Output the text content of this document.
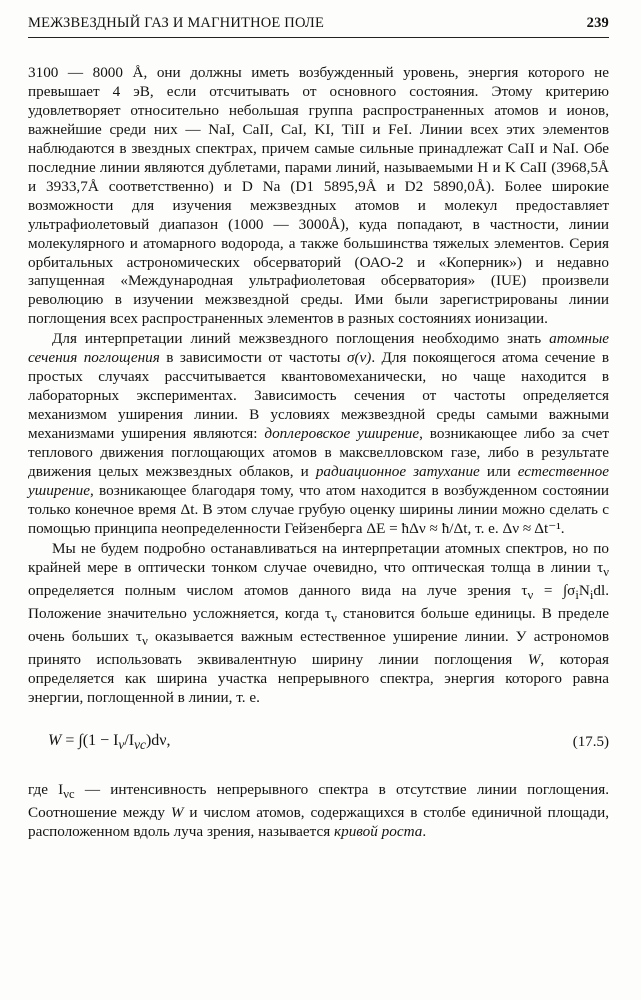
МЕЖЗВЕЗДНЫЙ ГАЗ И МАГНИТНОЕ ПОЛЕ	239

3100 — 8000 Å, они должны иметь возбужденный уровень, энергия которого не превышает 4 эВ, если отсчитывать от основного состояния. Этому критерию удовлетворяет относительно небольшая группа распространенных атомов и ионов, важнейшие среди них — NaI, CaII, CaI, KI, TiII и FeI. Линии всех этих элементов наблюдаются в звездных спектрах, причем самые сильные принадлежат CaII и NaI. Обе последние линии являются дублетами, парами линий, называемыми H и K CaII (3968,5Å и 3933,7Å соответственно) и D Na (D1 5895,9Å и D2 5890,0Å). Более широкие возможности для изучения межзвездных атомов и молекул предоставляет ультрафиолетовый диапазон (1000 — 3000Å), куда попадают, в частности, линии молекулярного и атомарного водорода, а также большинства тяжелых элементов. Серия орбитальных астрономических обсерваторий (ОАО-2 и «Коперник») и недавно запущенная «Международная ультрафиолетовая обсерватория» (IUE) произвели революцию в изучении межзвездной среды. Ими были зарегистрированы линии поглощения всех распространенных элементов в разных состояниях ионизации.

Для интерпретации линий межзвездного поглощения необходимо знать атомные сечения поглощения в зависимости от частоты σ(ν). Для покоящегося атома сечение в простых случаях рассчитывается квантовомеханически, но чаще находится в лабораторных экспериментах. Зависимость сечения от частоты определяется механизмом уширения линии. В условиях межзвездной среды самыми важными механизмами уширения являются: доплеровское уширение, возникающее либо за счет теплового движения поглощающих атомов в максвелловском газе, либо в результате движения целых межзвездных облаков, и радиационное затухание или естественное уширение, возникающее благодаря тому, что атом находится в возбужденном состоянии только конечное время Δt. В этом случае грубую оценку ширины линии можно сделать с помощью принципа неопределенности Гейзенберга ΔE = ħΔν ≈ ħ/Δt, т. е. Δν ≈ Δt⁻¹.

Мы не будем подробно останавливаться на интерпретации атомных спектров, но по крайней мере в оптически тонком случае очевидно, что оптическая толща в линии $\tau_\nu$ определяется полным числом атомов данного вида на луче зрения $\tau_\nu = \int\sigma_iN_idl$. Положение значительно усложняется, когда $\tau_\nu$ становится больше единицы. В пределе очень больших $\tau_\nu$ оказывается важным естественное уширение линии. У астрономов принято использовать эквивалентную ширину линии поглощения W, которая определяется как ширина участка непрерывного спектра, энергия которого равна энергии, поглощенной в линии, т. е.

$W = \int(1 - I_\nu/I_{\nu c})d\nu$,	(17.5)

где $I_{\nu c}$ — интенсивность непрерывного спектра в отсутствие линии поглощения. Соотношение между W и числом атомов, содержащихся в столбе единичной площади, расположенном вдоль луча зрения, называется кривой роста.
